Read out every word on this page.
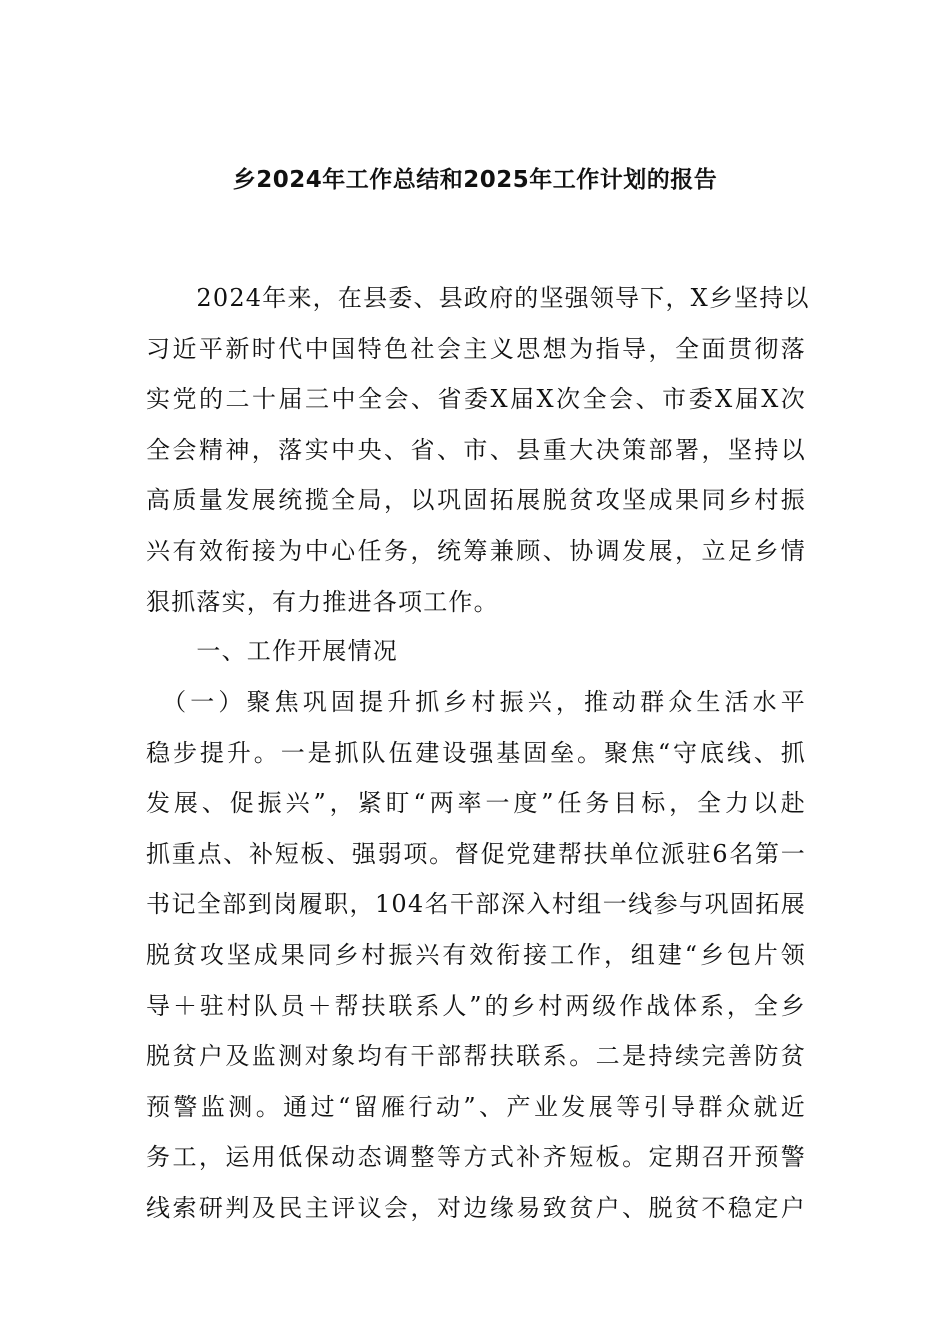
乡2024年工作总结和2025年工作计划的报告
　　2024年来，在县委、县政府的坚强领导下，X乡坚持以
习近平新时代中国特色社会主义思想为指导，全面贯彻落
实党的二十届三中全会、省委X届X次全会、市委X届X次
全会精神，落实中央、省、市、县重大决策部署，坚持以
高质量发展统揽全局，以巩固拓展脱贫攻坚成果同乡村振
兴有效衔接为中心任务，统筹兼顾、协调发展，立足乡情
狠抓落实，有力推进各项工作。
　　一、工作开展情况
　（一）聚焦巩固提升抓乡村振兴，推动群众生活水平
稳步提升。一是抓队伍建设强基固垒。聚焦“守底线、抓
发展、促振兴”，紧盯“两率一度”任务目标，全力以赴
抓重点、补短板、强弱项。督促党建帮扶单位派驻6名第一
书记全部到岗履职，104名干部深入村组一线参与巩固拓展
脱贫攻坚成果同乡村振兴有效衔接工作，组建“乡包片领
导＋驻村队员＋帮扶联系人”的乡村两级作战体系，全乡
脱贫户及监测对象均有干部帮扶联系。二是持续完善防贫
预警监测。通过“留雁行动”、产业发展等引导群众就近
务工，运用低保动态调整等方式补齐短板。定期召开预警
线索研判及民主评议会，对边缘易致贫户、脱贫不稳定户
